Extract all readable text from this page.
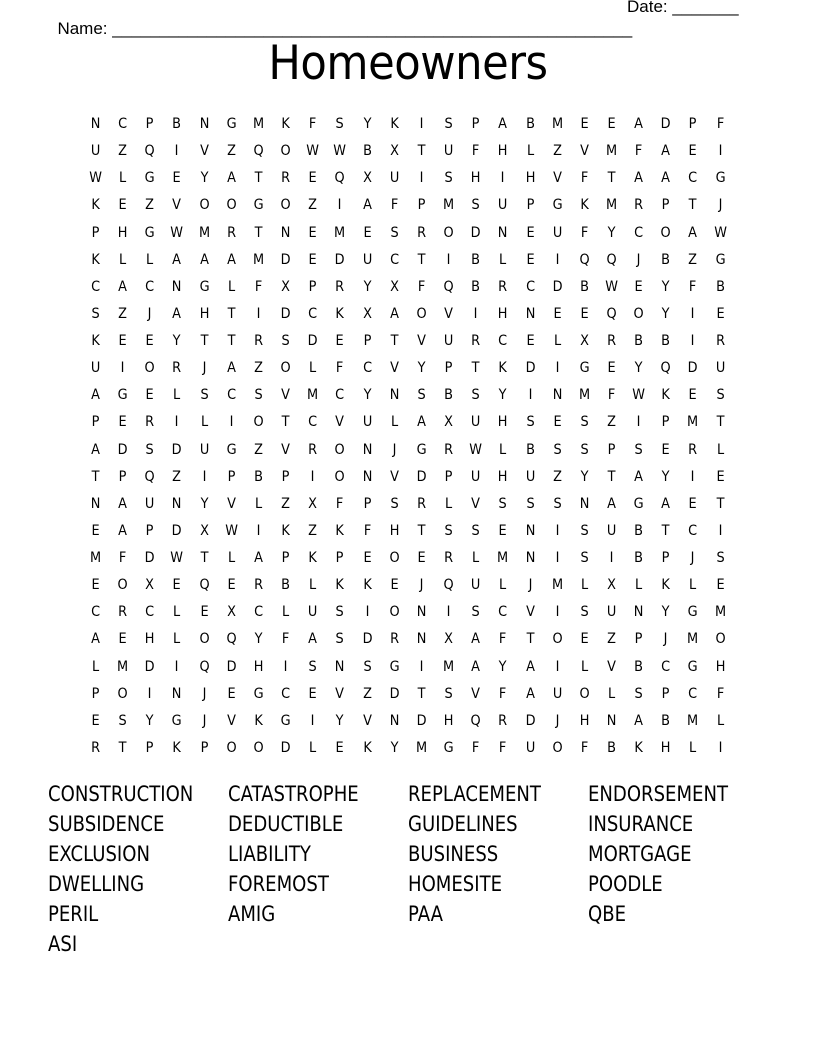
Name: _______________________________________________________

Date: _______

Homeowners
N	C	P	B	N	G	M	K	F	S	Y	K	I	S	P	A	B	M	E	E	A	D	P	F
U	Z	Q	I	V	Z	Q	O	W	W	B	X	T	U	F	H	L	Z	V	M	F	A	E	I
W	L	G	E	Y	A	T	R	E	Q	X	U	I	S	H	I	H	V	F	T	A	A	C	G
K	E	Z	V	O	O	G	O	Z	I	A	F	P	M	S	U	P	G	K	M	R	P	T	J
P	H	G	W	M	R	T	N	E	M	E	S	R	O	D	N	E	U	F	Y	C	O	A	W
K	L	L	A	A	A	M	D	E	D	U	C	T	I	B	L	E	I	Q	Q	J	B	Z	G
C	A	C	N	G	L	F	X	P	R	Y	X	F	Q	B	R	C	D	B	W	E	Y	F	B
S	Z	J	A	H	T	I	D	C	K	X	A	O	V	I	H	N	E	E	Q	O	Y	I	E
K	E	E	Y	T	T	R	S	D	E	P	T	V	U	R	C	E	L	X	R	B	B	I	R
U	I	O	R	J	A	Z	O	L	F	C	V	Y	P	T	K	D	I	G	E	Y	Q	D	U
A	G	E	L	S	C	S	V	M	C	Y	N	S	B	S	Y	I	N	M	F	W	K	E	S
P	E	R	I	L	I	O	T	C	V	U	L	A	X	U	H	S	E	S	Z	I	P	M	T
A	D	S	D	U	G	Z	V	R	O	N	J	G	R	W	L	B	S	S	P	S	E	R	L
T	P	Q	Z	I	P	B	P	I	O	N	V	D	P	U	H	U	Z	Y	T	A	Y	I	E
N	A	U	N	Y	V	L	Z	X	F	P	S	R	L	V	S	S	S	N	A	G	A	E	T
E	A	P	D	X	W	I	K	Z	K	F	H	T	S	S	E	N	I	S	U	B	T	C	I
M	F	D	W	T	L	A	P	K	P	E	O	E	R	L	M	N	I	S	I	B	P	J	S
E	O	X	E	Q	E	R	B	L	K	K	E	J	Q	U	L	J	M	L	X	L	K	L	E
C	R	C	L	E	X	C	L	U	S	I	O	N	I	S	C	V	I	S	U	N	Y	G	M
A	E	H	L	O	Q	Y	F	A	S	D	R	N	X	A	F	T	O	E	Z	P	J	M	O
L	M	D	I	Q	D	H	I	S	N	S	G	I	M	A	Y	A	I	L	V	B	C	G	H
P	O	I	N	J	E	G	C	E	V	Z	D	T	S	V	F	A	U	O	L	S	P	C	F
E	S	Y	G	J	V	K	G	I	Y	V	N	D	H	Q	R	D	J	H	N	A	B	M	L
R	T	P	K	P	O	O	D	L	E	K	Y	M	G	F	F	U	O	F	B	K	H	L	I
CONSTRUCTION	CATASTROPHE	REPLACEMENT	ENDORSEMENT
SUBSIDENCE	DEDUCTIBLE	GUIDELINES	INSURANCE
EXCLUSION	LIABILITY	BUSINESS	MORTGAGE
DWELLING	FOREMOST	HOMESITE	POODLE
PERIL	AMIG	PAA	QBE
ASI
